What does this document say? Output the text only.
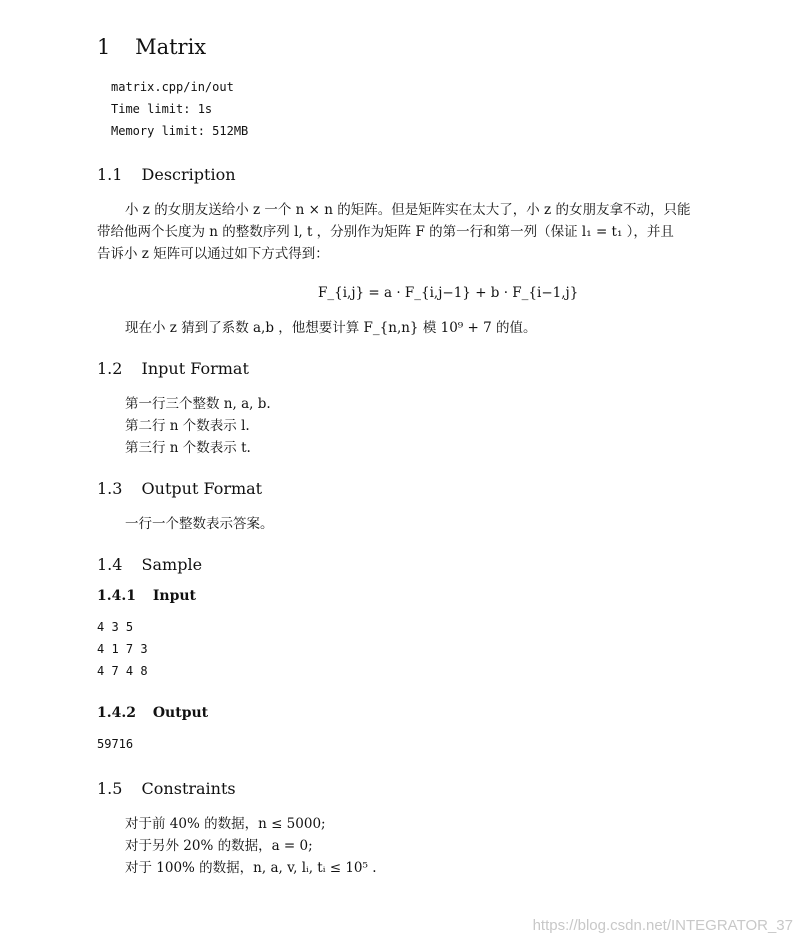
1 Matrix
matrix.cpp/in/out
Time limit: 1s
Memory limit: 512MB
1.1 Description
小 z 的女朋友送给小 z 一个 n × n 的矩阵。但是矩阵实在太大了，小 z 的女朋友拿不动，只能
带给他两个长度为 n 的整数序列 l, t ，分别作为矩阵 F 的第一行和第一列（保证 l₁ = t₁ ），并且
告诉小 z 矩阵可以通过如下方式得到：
F_{i,j} = a · F_{i,j−1} + b · F_{i−1,j}
现在小 z 猜到了系数 a,b ，他想要计算 F_{n,n} 模 10⁹ + 7 的值。
1.2 Input Format
第一行三个整数 n, a, b.
第二行 n 个数表示 l.
第三行 n 个数表示 t.
1.3 Output Format
一行一个整数表示答案。
1.4 Sample
1.4.1 Input
4 3 5
4 1 7 3
4 7 4 8
1.4.2 Output
59716
1.5 Constraints
对于前 40% 的数据，n ≤ 5000;
对于另外 20% 的数据，a = 0;
对于 100% 的数据，n, a, v, lᵢ, tᵢ ≤ 10⁵ .
https://blog.csdn.net/INTEGRATOR_37
